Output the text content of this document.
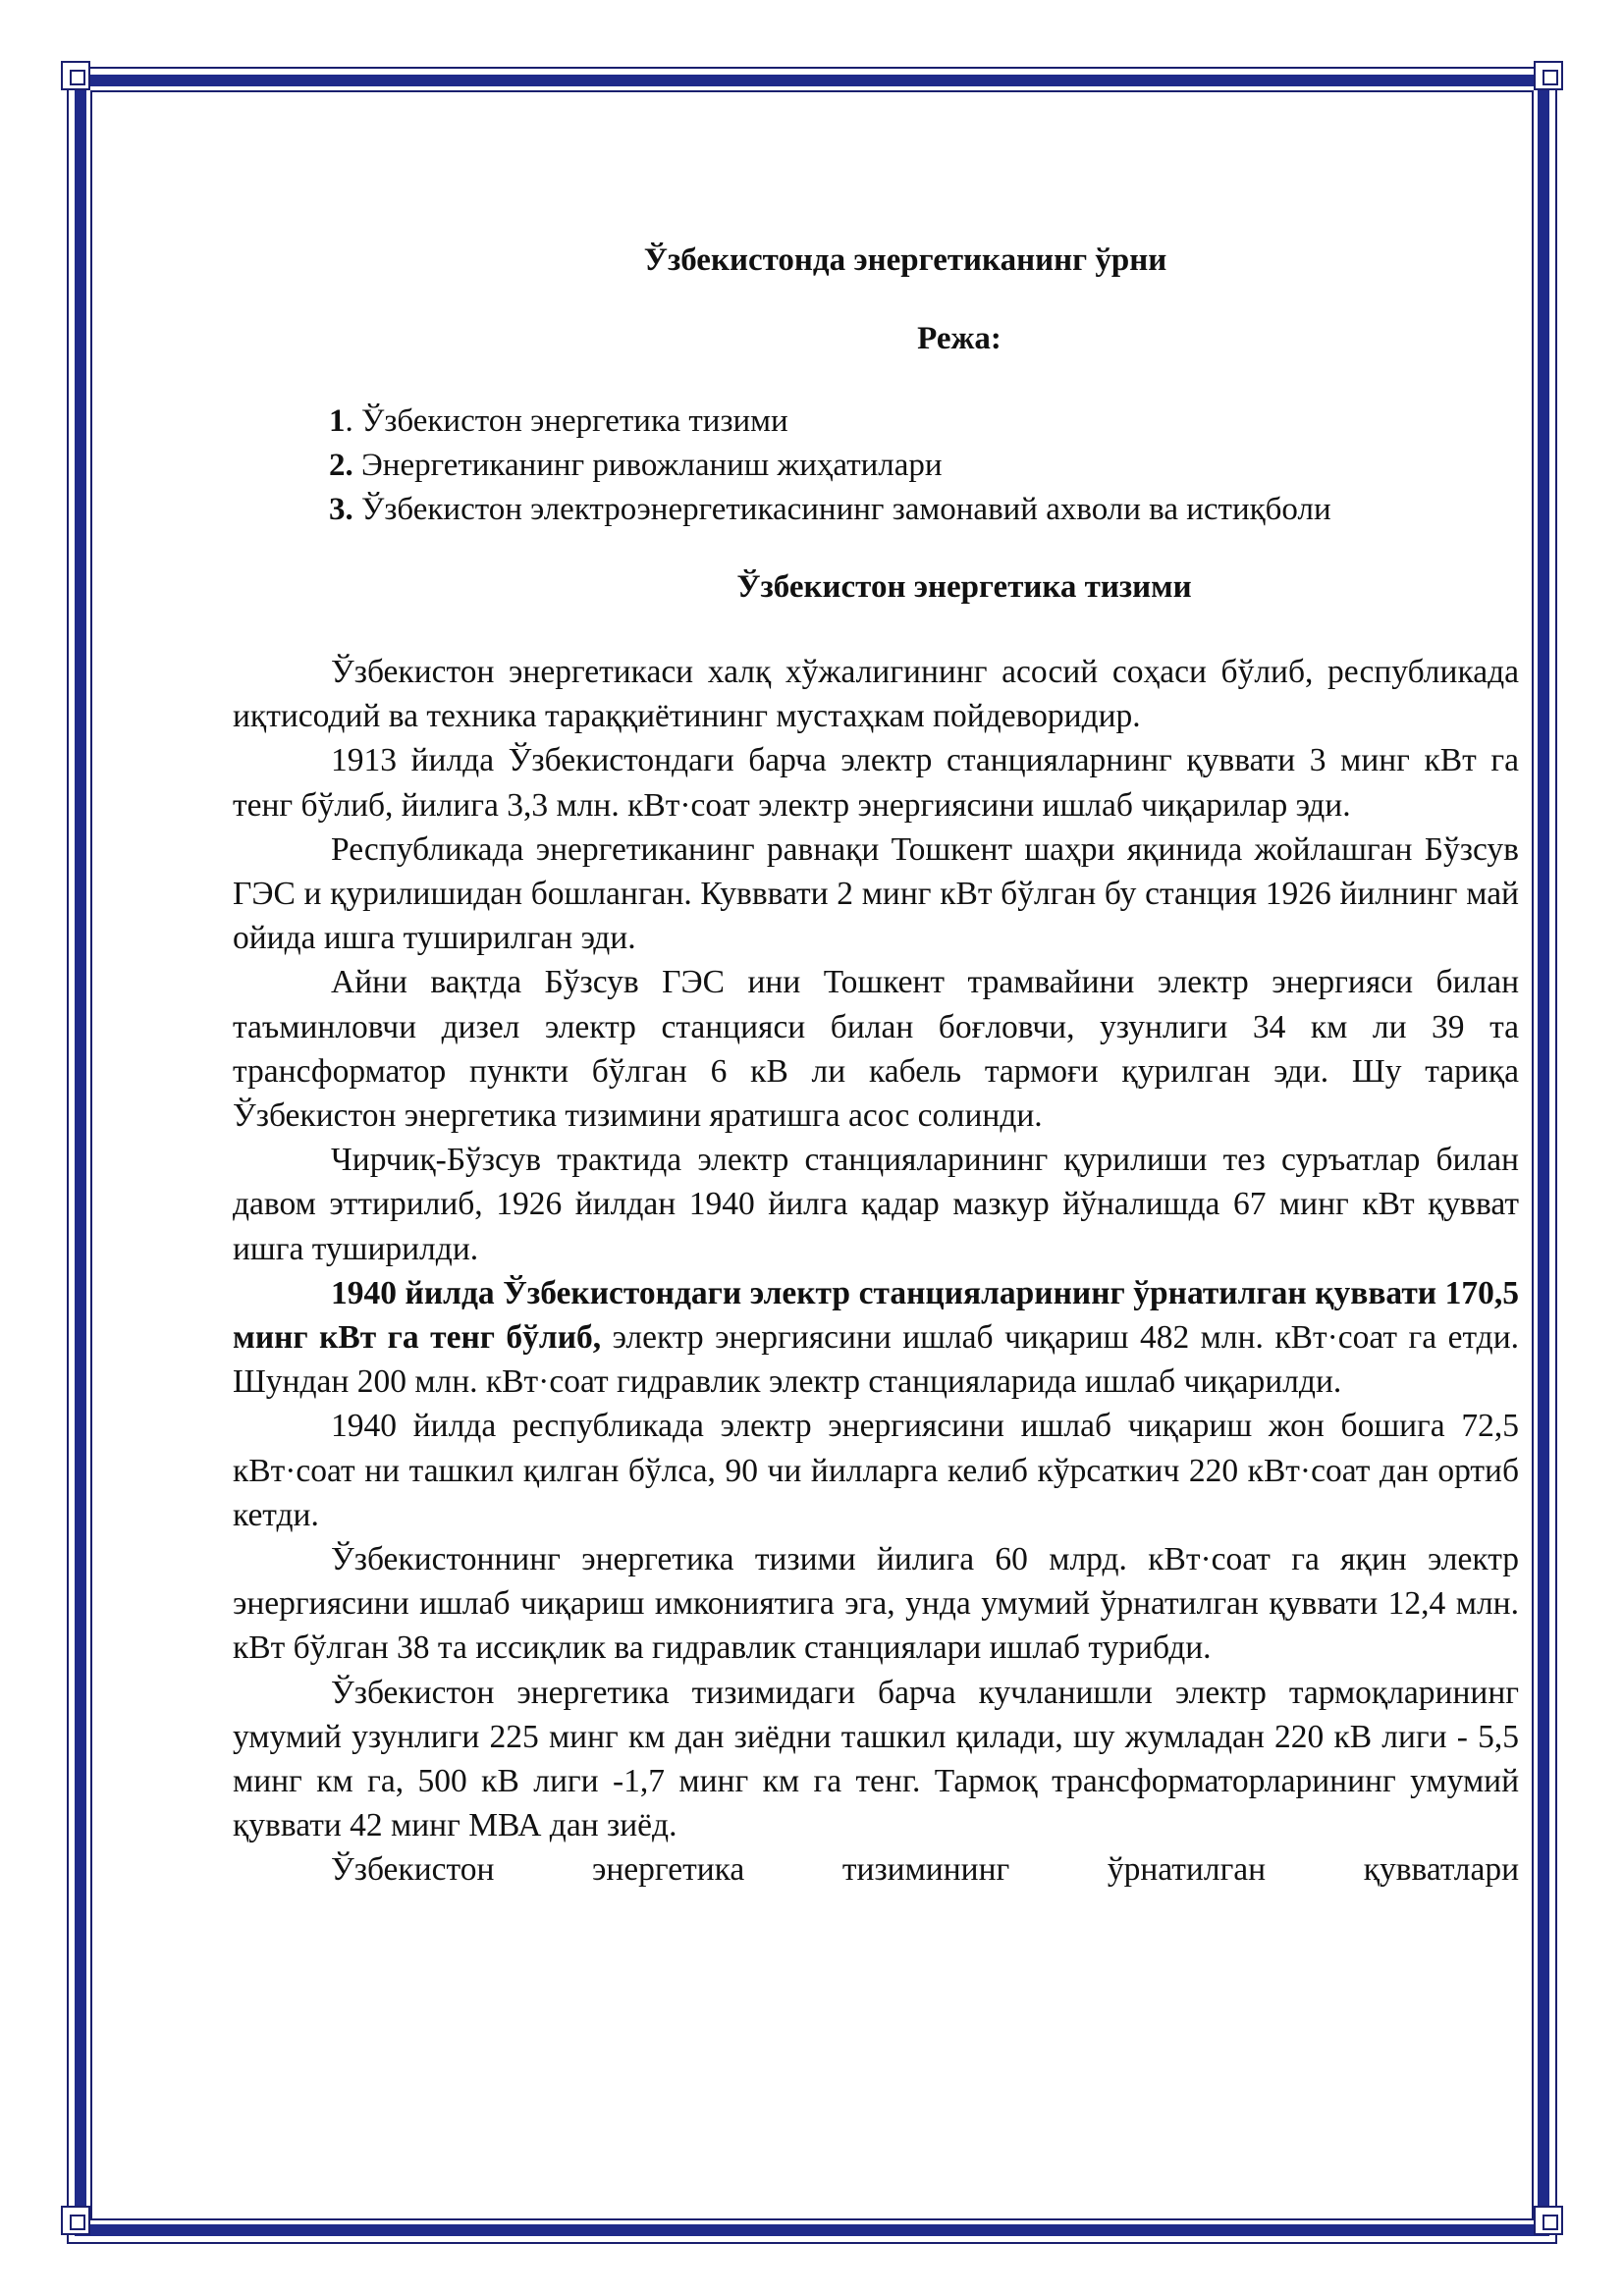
Ўзбекистонда энергетиканинг ўрни
Режа:
1. Ўзбекистон энергетика тизими
2. Энергетиканинг ривожланиш жиҳатилари
3. Ўзбекистон электроэнергетикасининг замонавий ахволи ва истиқболи
Ўзбекистон энергетика тизими

Ўзбекистон энергетикаси халқ хўжалигининг асосий соҳаси бўлиб, республикада иқтисодий ва техника тараққиётининг мустаҳкам пойдеворидир.

1913 йилда Ўзбекистондаги барча электр станцияларнинг қуввати 3 минг кВт га тенг бўлиб, йилига 3,3 млн. кВт·соат электр энергиясини ишлаб чиқарилар эди.

Республикада энергетиканинг равнақи Тошкент шаҳри яқинида жойлашган Бўзсув ГЭС и қурилишидан бошланган. Кувввати 2 минг кВт бўлган бу станция 1926 йилнинг май ойида ишга туширилган эди.

Айни вақтда Бўзсув ГЭС ини Тошкент трамвайини электр энергияси билан таъминловчи дизел электр станцияси билан боғловчи, узунлиги 34 км ли 39 та трансформатор пункти бўлган 6 кВ ли кабель тармоғи қурилган эди. Шу тариқа Ўзбекистон энергетика тизимини яратишга асос солинди.

Чирчиқ-Бўзсув трактида электр станцияларининг қурилиши тез суръатлар билан давом эттирилиб, 1926 йилдан 1940 йилга қадар мазкур йўналишда 67 минг кВт қувват ишга туширилди.

1940 йилда Ўзбекистондаги электр станцияларининг ўрнатилган қуввати 170,5 минг кВт га тенг бўлиб, электр энергиясини ишлаб чиқариш 482 млн. кВт·соат га етди. Шундан 200 млн. кВт·соат гидравлик электр станцияларида ишлаб чиқарилди.

1940 йилда республикада электр энергиясини ишлаб чиқариш жон бошига 72,5 кВт·соат ни ташкил қилган бўлса, 90 чи йилларга келиб кўрсаткич 220 кВт·соат дан ортиб кетди.

Ўзбекистоннинг энергетика тизими йилига 60 млрд. кВт·соат га яқин электр энергиясини ишлаб чиқариш имкониятига эга, унда умумий ўрнатилган қуввати 12,4 млн. кВт бўлган 38 та иссиқлик ва гидравлик станциялари ишлаб турибди.

Ўзбекистон энергетика тизимидаги барча кучланишли электр тармоқларининг умумий узунлиги 225 минг км дан зиёдни ташкил қилади, шу жумладан 220 кВ лиги - 5,5 минг км га, 500 кВ лиги -1,7 минг км га тенг. Тармоқ трансформаторларининг умумий қуввати 42 минг МВА дан зиёд.

Ўзбекистон энергетика тизимининг ўрнатилган қувватлари
